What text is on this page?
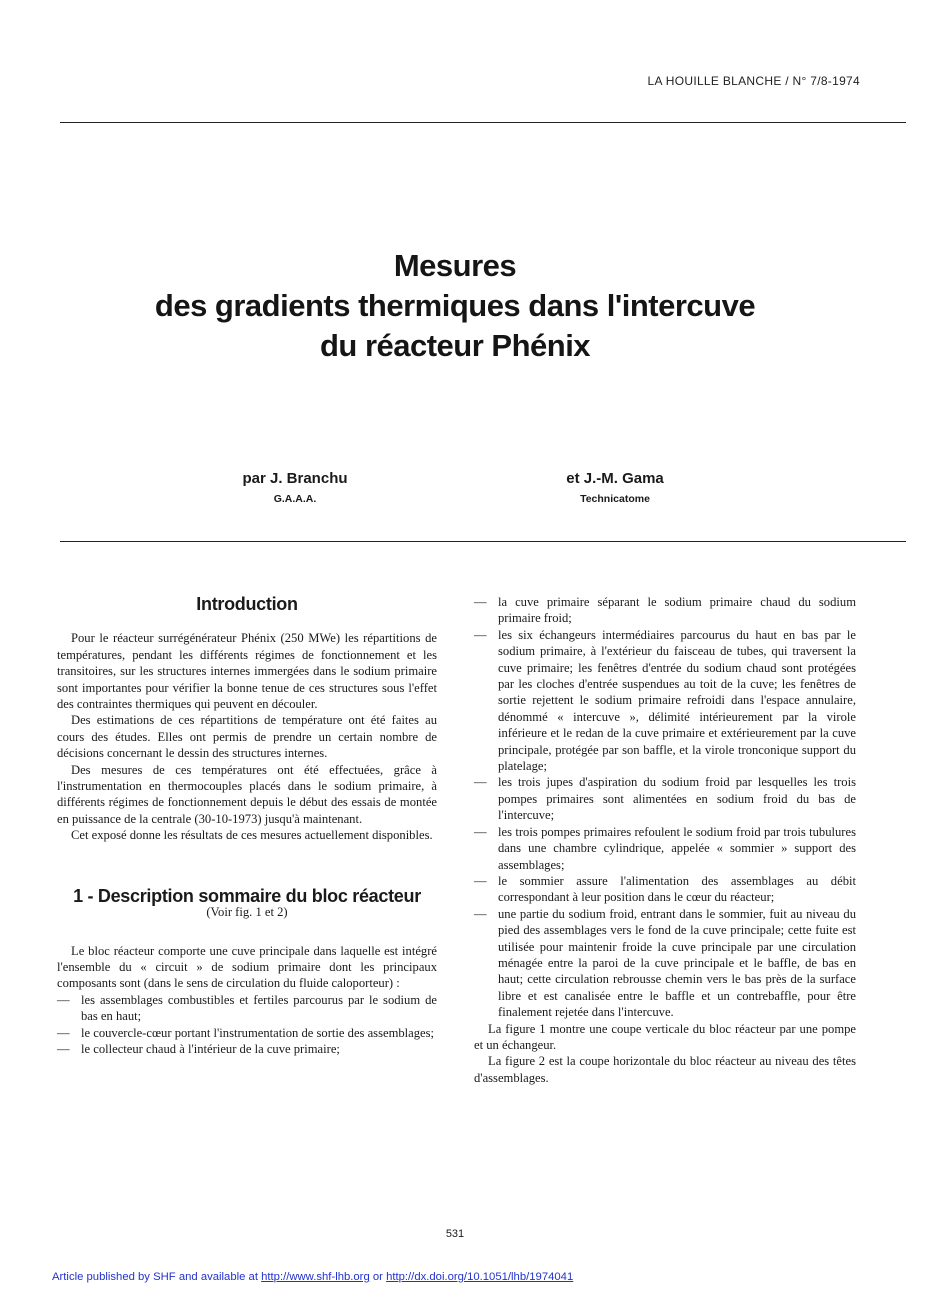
LA HOUILLE BLANCHE / N° 7/8-1974
Mesures
des gradients thermiques dans l'intercuve
du réacteur Phénix
par J. Branchu
G.A.A.A.
et J.-M. Gama
Technicatome
Introduction

Pour le réacteur surrégénérateur Phénix (250 MWe) les répartitions de températures, pendant les différents régimes de fonctionnement et les transitoires, sur les structures internes immergées dans le sodium primaire sont importantes pour vérifier la bonne tenue de ces structures sous l'effet des contraintes thermiques qui peuvent en découler.

Des estimations de ces répartitions de température ont été faites au cours des études. Elles ont permis de prendre un certain nombre de décisions concernant le dessin des structures internes.

Des mesures de ces températures ont été effectuées, grâce à l'instrumentation en thermocouples placés dans le sodium primaire, à différents régimes de fonctionnement depuis le début des essais de montée en puissance de la centrale (30-10-1973) jusqu'à maintenant.

Cet exposé donne les résultats de ces mesures actuellement disponibles.

1 - Description sommaire du bloc réacteur
(Voir fig. 1 et 2)

Le bloc réacteur comporte une cuve principale dans laquelle est intégré l'ensemble du « circuit » de sodium primaire dont les principaux composants sont (dans le sens de circulation du fluide caloporteur) :

— les assemblages combustibles et fertiles parcourus par le sodium de bas en haut;
— le couvercle-cœur portant l'instrumentation de sortie des assemblages;
— le collecteur chaud à l'intérieur de la cuve primaire;
— la cuve primaire séparant le sodium primaire chaud du sodium primaire froid;
— les six échangeurs intermédiaires parcourus du haut en bas par le sodium primaire, à l'extérieur du faisceau de tubes, qui traversent la cuve primaire; les fenêtres d'entrée du sodium chaud sont protégées par les cloches d'entrée suspendues au toit de la cuve; les fenêtres de sortie rejettent le sodium primaire refroidi dans l'espace annulaire, dénommé « intercuve », délimité intérieurement par la virole inférieure et le redan de la cuve primaire et extérieurement par la cuve principale, protégée par son baffle, et la virole tronconique support du platelage;
— les trois jupes d'aspiration du sodium froid par lesquelles les trois pompes primaires sont alimentées en sodium froid du bas de l'intercuve;
— les trois pompes primaires refoulent le sodium froid par trois tubulures dans une chambre cylindrique, appelée « sommier » support des assemblages;
— le sommier assure l'alimentation des assemblages au débit correspondant à leur position dans le cœur du réacteur;
— une partie du sodium froid, entrant dans le sommier, fuit au niveau du pied des assemblages vers le fond de la cuve principale; cette fuite est utilisée pour maintenir froide la cuve principale par une circulation ménagée entre la paroi de la cuve principale et le baffle, de bas en haut; cette circulation rebrousse chemin vers le bas près de la surface libre et est canalisée entre le baffle et un contrebaffle, pour être finalement rejetée dans l'intercuve.

La figure 1 montre une coupe verticale du bloc réacteur par une pompe et un échangeur.

La figure 2 est la coupe horizontale du bloc réacteur au niveau des têtes d'assemblages.

531
Article published by SHF and available at http://www.shf-lhb.org or http://dx.doi.org/10.1051/lhb/1974041
